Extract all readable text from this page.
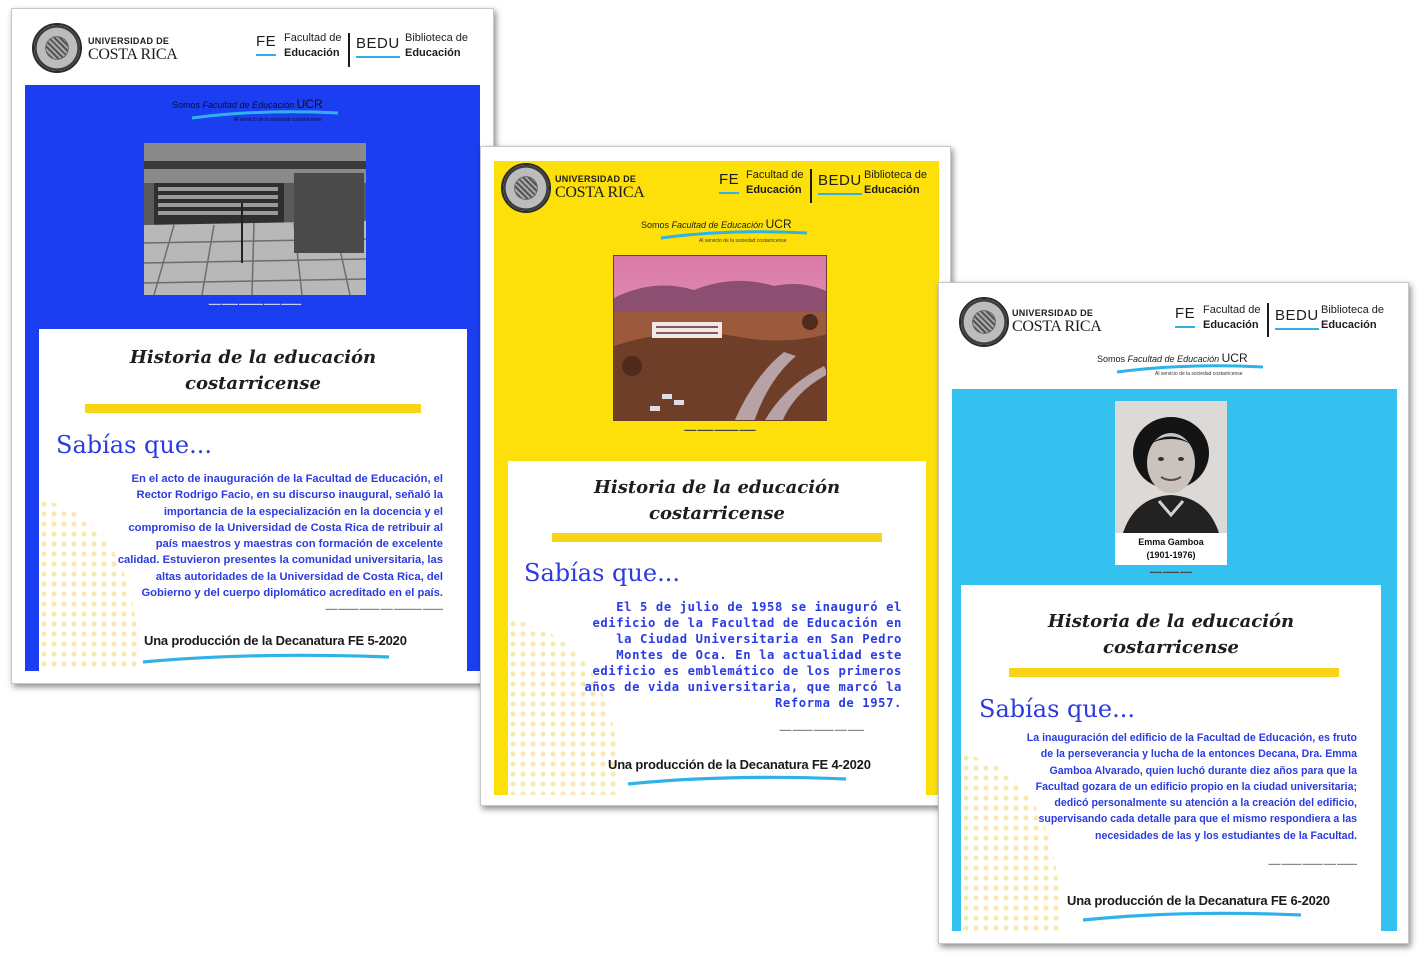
UNIVERSIDAD DE
COSTA RICA
FE Facultad de
Educación
BEDU Biblioteca de
Educación
Somos Facultad de Educación UCR
Al servicio de la sociedad costarricense
▬▬▬ ▬▬▬▬ ▬▬▬▬▬▬ ▬▬▬▬ ▬▬▬▬▬
Historia de la educación
costarricense
Sabías que...
En el acto de inauguración de la Facultad de Educación, el Rector Rodrigo Facio, en su discurso inaugural, señaló la importancia de la especialización en la docencia y el compromiso de la Universidad de Costa Rica de retribuir al país maestros y maestras con formación de excelente calidad. Estuvieron presentes la comunidad universitaria, las altas autoridades de la Universidad de Costa Rica, del Gobierno y del cuerpo diplomático acreditado en el país.
▬▬▬ ▬▬▬▬▬ ▬▬▬▬▬ ▬▬▬ ▬▬▬▬▬▬▬ ▬▬▬▬▬
Una producción de la Decanatura FE 5-2020
UNIVERSIDAD DE
COSTA RICA
FE Facultad de
Educación
BEDU Biblioteca de
Educación
Somos Facultad de Educación UCR
Al servicio de la sociedad costarricense
▬▬▬ ▬▬▬▬ ▬▬▬▬▬▬ ▬▬▬▬
Historia de la educación
costarricense
Sabías que...
El 5 de julio de 1958 se inauguró el edificio de la Facultad de Educación en la Ciudad Universitaria en San Pedro Montes de Oca. En la actualidad este edificio es emblemático de los primeros años de vida universitaria, que marcó la Reforma de 1957.
▬▬▬ ▬▬▬▬▬ ▬▬▬▬▬ ▬▬▬ ▬▬▬▬
Una producción de la Decanatura FE 4-2020
UNIVERSIDAD DE
COSTA RICA
FE Facultad de
Educación
BEDU Biblioteca de
Educación
Somos Facultad de Educación UCR
Al servicio de la sociedad costarricense
Emma Gamboa
(1901-1976)
▬▬▬ ▬▬▬▬ ▬▬▬
Historia de la educación
costarricense
Sabías que...
La inauguración del edificio de la Facultad de Educación, es fruto de la perseverancia y lucha de la entonces Decana, Dra. Emma Gamboa Alvarado, quien luchó durante diez años para que la Facultad gozara de un edificio propio en la ciudad universitaria; dedicó personalmente su atención a la creación del edificio, supervisando cada detalle para que el mismo respondiera a las necesidades de las y los estudiantes de la Facultad.
▬▬▬ ▬▬▬▬▬ ▬▬▬▬▬ ▬▬▬ ▬▬▬▬▬
Una producción de la Decanatura FE 6-2020
